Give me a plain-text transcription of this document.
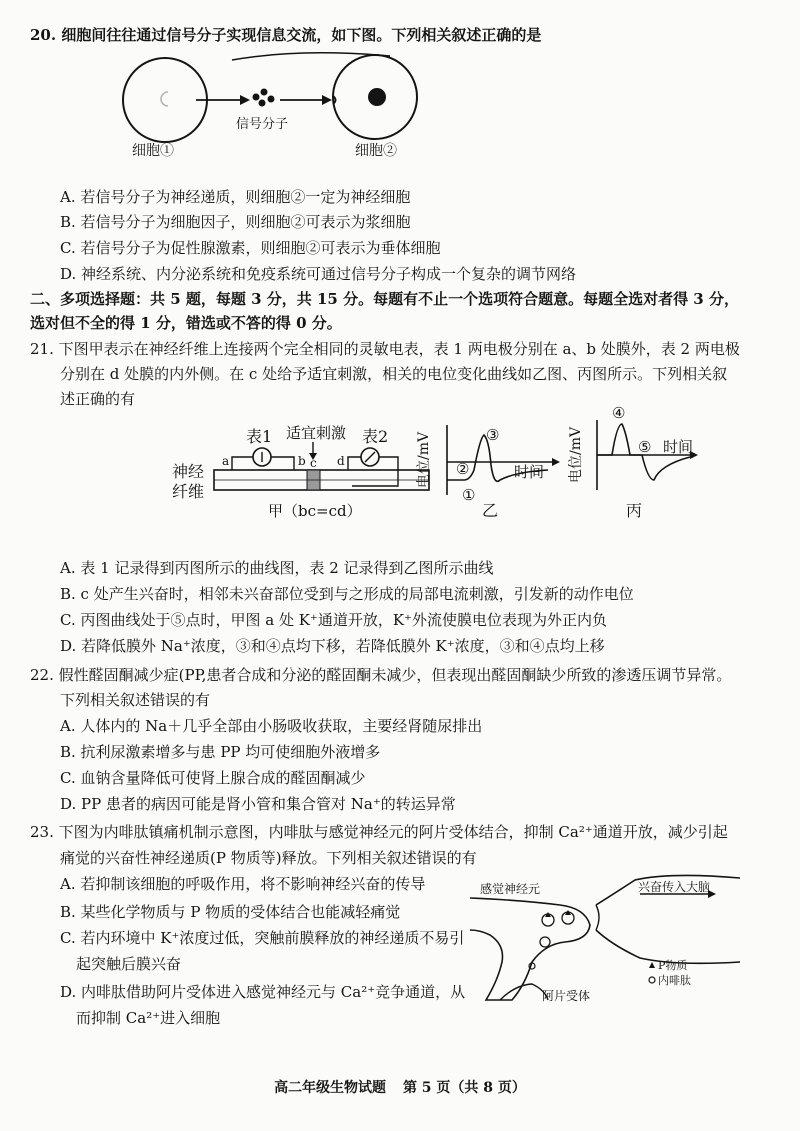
20. 细胞间往往通过信号分子实现信息交流，如下图。下列相关叙述正确的是
信号分子
细胞①	细胞②
A. 若信号分子为神经递质，则细胞②一定为神经细胞
B. 若信号分子为细胞因子，则细胞②可表示为浆细胞
C. 若信号分子为促性腺激素，则细胞②可表示为垂体细胞
D. 神经系统、内分泌系统和免疫系统可通过信号分子构成一个复杂的调节网络
二、多项选择题：共 5 题，每题 3 分，共 15 分。每题有不止一个选项符合题意。每题全选对者得 3 分，
选对但不全的得 1 分，错选或不答的得 0 分。
21. 下图甲表示在神经纤维上连接两个完全相同的灵敏电表，表 1 两电极分别在 a、b 处膜外，表 2 两电极
分别在 d 处膜的内外侧。在 c 处给予适宜刺激，相关的电位变化曲线如乙图、丙图所示。下列相关叙
述正确的有
表1
a	b
适宜刺激
c
表2
d
神经
纤维
甲（bc=cd）
电位/mV	时间
③
②
①
乙
电位/mV	时间
④
⑤
丙
A. 表 1 记录得到丙图所示的曲线图，表 2 记录得到乙图所示曲线
B. c 处产生兴奋时，相邻未兴奋部位受到与之形成的局部电流刺激，引发新的动作电位
C. 丙图曲线处于⑤点时，甲图 a 处 K⁺通道开放，K⁺外流使膜电位表现为外正内负
D. 若降低膜外 Na⁺浓度，③和④点均下移，若降低膜外 K⁺浓度，③和④点均上移
22. 假性醛固酮减少症(PP,患者合成和分泌的醛固酮未减少，但表现出醛固酮缺少所致的渗透压调节异常。
下列相关叙述错误的有
A. 人体内的 Na＋几乎全部由小肠吸收获取，主要经肾随尿排出
B. 抗利尿激素增多与患 PP 均可使细胞外液增多
C. 血钠含量降低可使肾上腺合成的醛固酮减少
D. PP 患者的病因可能是肾小管和集合管对 Na⁺的转运异常
23. 下图为内啡肽镇痛机制示意图，内啡肽与感觉神经元的阿片受体结合，抑制 Ca²⁺通道开放，减少引起
痛觉的兴奋性神经递质(P 物质等)释放。下列相关叙述错误的有
A. 若抑制该细胞的呼吸作用，将不影响神经兴奋的传导
B. 某些化学物质与 P 物质的受体结合也能减轻痛觉
C. 若内环境中 K⁺浓度过低，突触前膜释放的神经递质不易引
起突触后膜兴奋
D. 内啡肽借助阿片受体进入感觉神经元与 Ca²⁺竞争通道，从
而抑制 Ca²⁺进入细胞
感觉神经元	兴奋传入大脑
阿片受体
P物质
内啡肽
高二年级生物试题 第 5 页（共 8 页）
